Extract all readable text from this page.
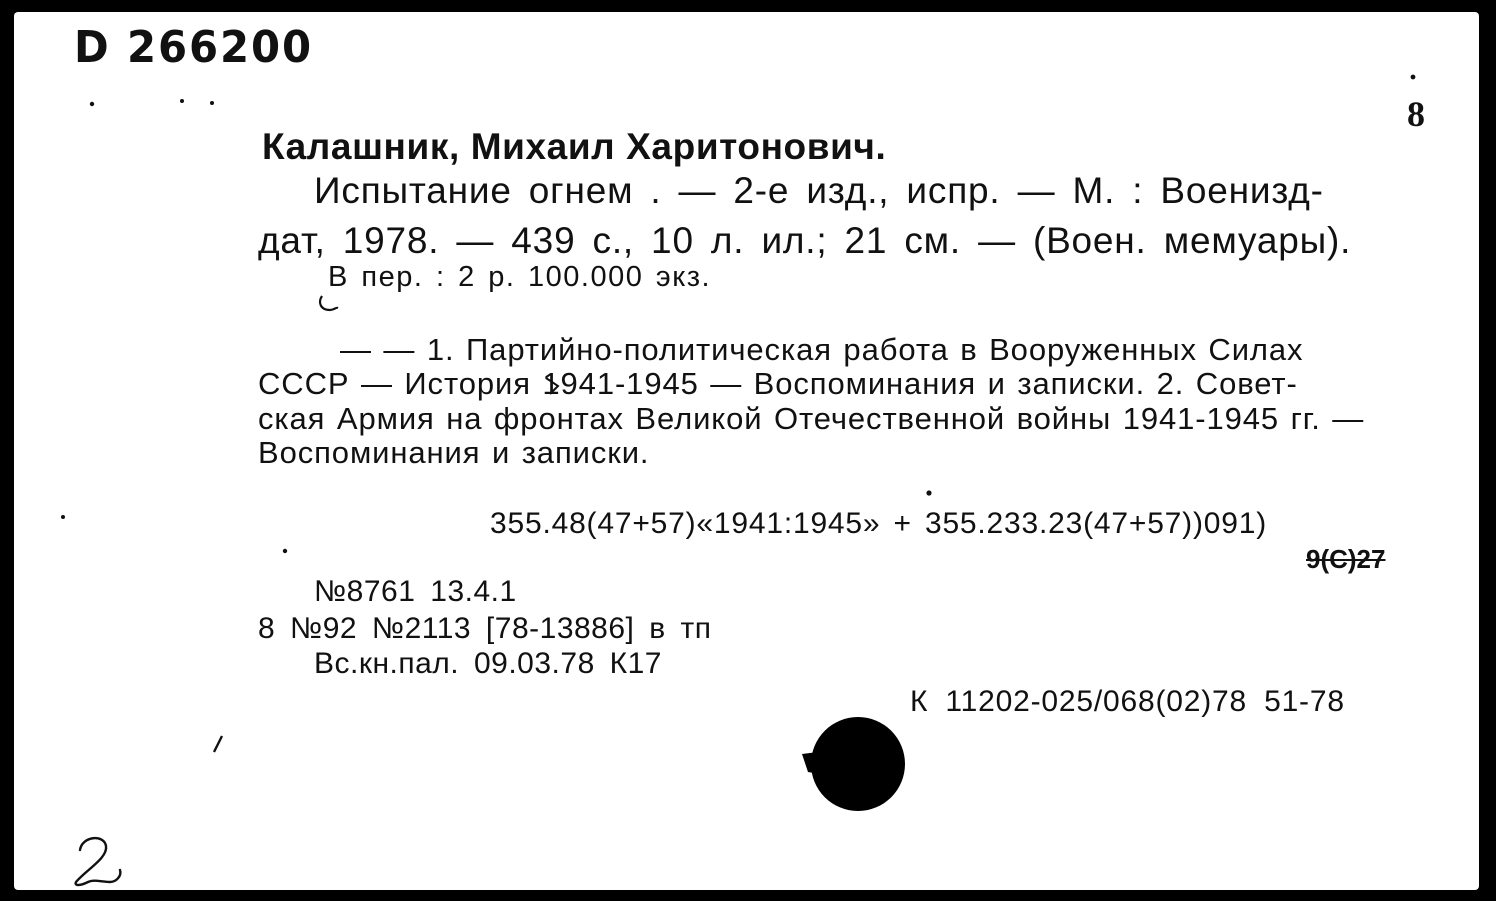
D 266200
8
Калашник, Михаил Харитонович.
Испытание огнем . — 2-е изд., испр. — М. : Военизд-
дат, 1978. — 439 с., 10 л. ил.; 21 см. — (Воен. мемуары).
В пер. : 2 р. 100.000 экз.
— — 1. Партийно-политическая работа в Вооруженных Силах
СССР — История 1941-1945 — Воспоминания и записки. 2. Совет-
ская Армия на фронтах Великой Отечественной войны 1941-1945 гг. —
Воспоминания и записки.
355.48(47+57)«1941:1945» + 355.233.23(47+57))091)
9(С)27
№8761 13.4.1
8 №92 №2113 [78-13886] в тп
Вс.кн.пал. 09.03.78 К17
К 11202-025/068(02)78 51-78
